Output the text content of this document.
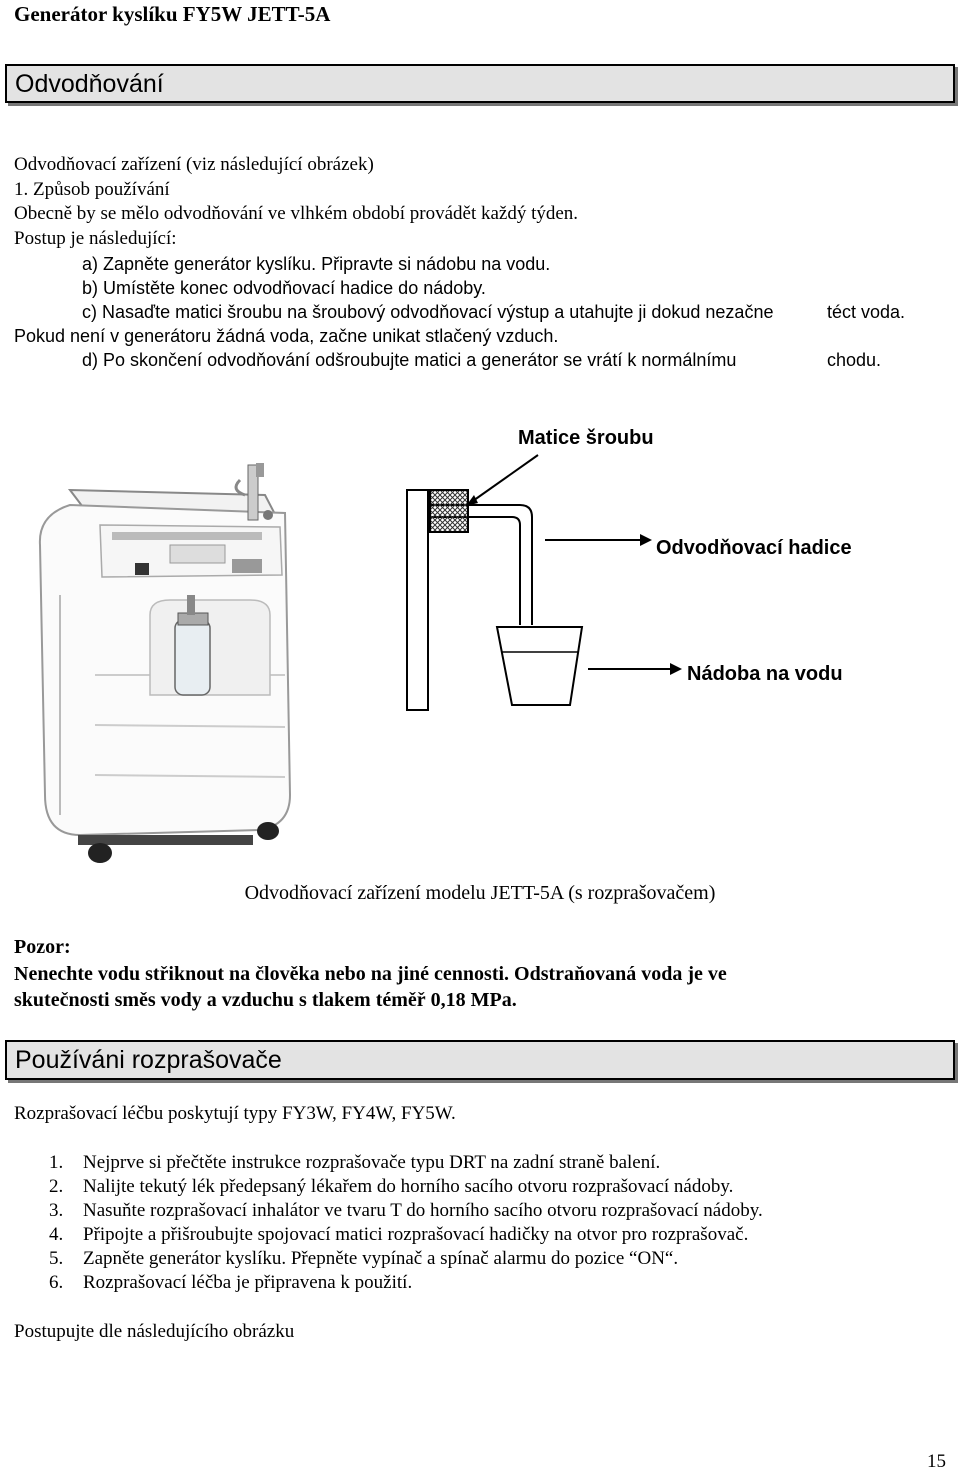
Generátor kyslíku FY5W JETT-5A
Odvodňování
Odvodňovací zařízení (viz následující obrázek)
1. Způsob používání
Obecně by se mělo odvodňování ve vlhkém období provádět každý týden.
Postup je následující:
a) Zapněte generátor kyslíku. Připravte si nádobu na vodu.
b) Umístěte konec odvodňovací hadice do nádoby.
c) Nasaďte matici šroubu na šroubový odvodňovací výstup a utahujte ji dokud nezačne	téct voda.
Pokud není v generátoru žádná voda, začne unikat stlačený vzduch.
d) Po skončení odvodňování odšroubujte matici a generátor se vrátí k normálnímu	chodu.
Matice šroubu
Odvodňovací hadice
Nádoba na vodu
Odvodňovací zařízení modelu JETT-5A (s rozprašovačem)
Pozor:
Nenechte vodu střiknout na člověka nebo na jiné cennosti. Odstraňovaná voda je ve
skutečnosti směs vody a vzduchu s tlakem téměř 0,18 MPa.
Používáni rozprašovače
Rozprašovací léčbu poskytují typy FY3W, FY4W, FY5W.
1.	Nejprve si přečtěte instrukce rozprašovače typu DRT na zadní straně balení.
2.	Nalijte tekutý lék předepsaný lékařem do horního sacího otvoru rozprašovací nádoby.
3.	Nasuňte rozprašovací inhalátor ve tvaru T do horního sacího otvoru rozprašovací nádoby.
4.	Připojte a přišroubujte spojovací matici rozprašovací hadičky na otvor pro rozprašovač.
5.	Zapněte generátor kyslíku. Přepněte vypínač a spínač alarmu do pozice “ON“.
6.	Rozprašovací léčba je připravena k použití.
Postupujte dle následujícího obrázku
15
